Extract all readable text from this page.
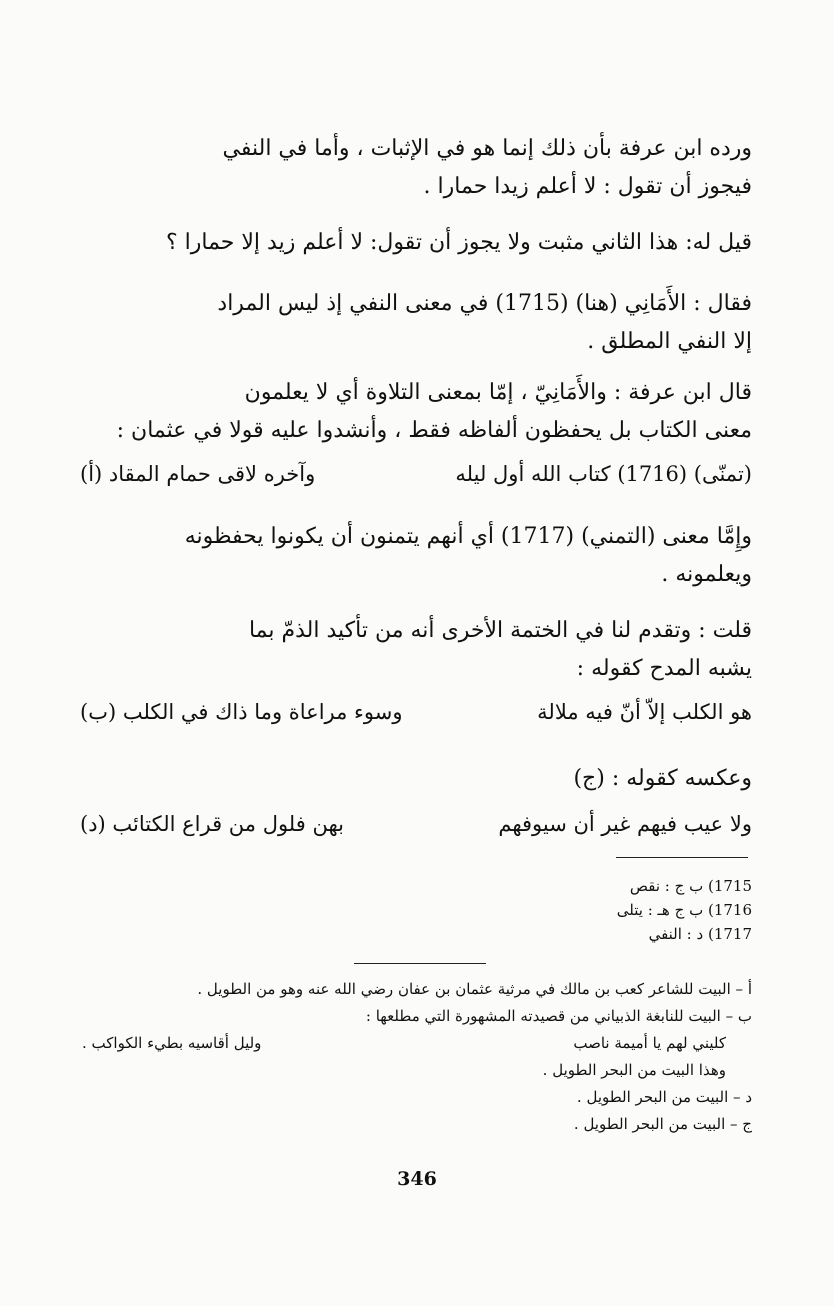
ورده ابن عرفة بأن ذلك إنما هو في الإثبات ، وأما في النفي
فيجوز أن تقول : لا أعلم زيدا حمارا .
قيل له: هذا الثاني مثبت ولا يجوز أن تقول: لا أعلم زيد إلا حمارا ؟
فقال : الأَمَانِي (هنا) (1715) في معنى النفي إذ ليس المراد
إلا النفي المطلق .
قال ابن عرفة : والأَمَانِيّ ، إمّا بمعنى التلاوة أي لا يعلمون
معنى الكتاب بل يحفظون ألفاظه فقط ، وأنشدوا عليه قولا في عثمان :
(تمنّى) (1716) كتاب الله أول ليله
وآخره لاقى حمام المقاد (أ)
وإِمَّا معنى (التمني) (1717) أي أنهم يتمنون أن يكونوا يحفظونه
ويعلمونه .
قلت : وتقدم لنا في الختمة الأخرى أنه من تأكيد الذمّ بما
يشبه المدح كقوله :
هو الكلب إلاّ أنّ فيه ملالة
وسوء مراعاة وما ذاك في الكلب (ب)
وعكسه كقوله : (ج)
ولا عيب فيهم غير أن سيوفهم
بهن فلول من قراع الكتائب (د)
1715) ب ج : نقص
1716) ب ج هـ : يتلى
1717) د : النفي
أ – البيت للشاعر كعب بن مالك في مرثية عثمان بن عفان رضي الله عنه وهو من الطويل .
ب – البيت للنابغة الذبياني من قصيدته المشهورة التي مطلعها :
كليني لهم يا أميمة ناصب
وليل أقاسيه بطيء الكواكب .
وهذا البيت من البحر الطويل .
د – البيت من البحر الطويل .
ج – البيت من البحر الطويل .
346
